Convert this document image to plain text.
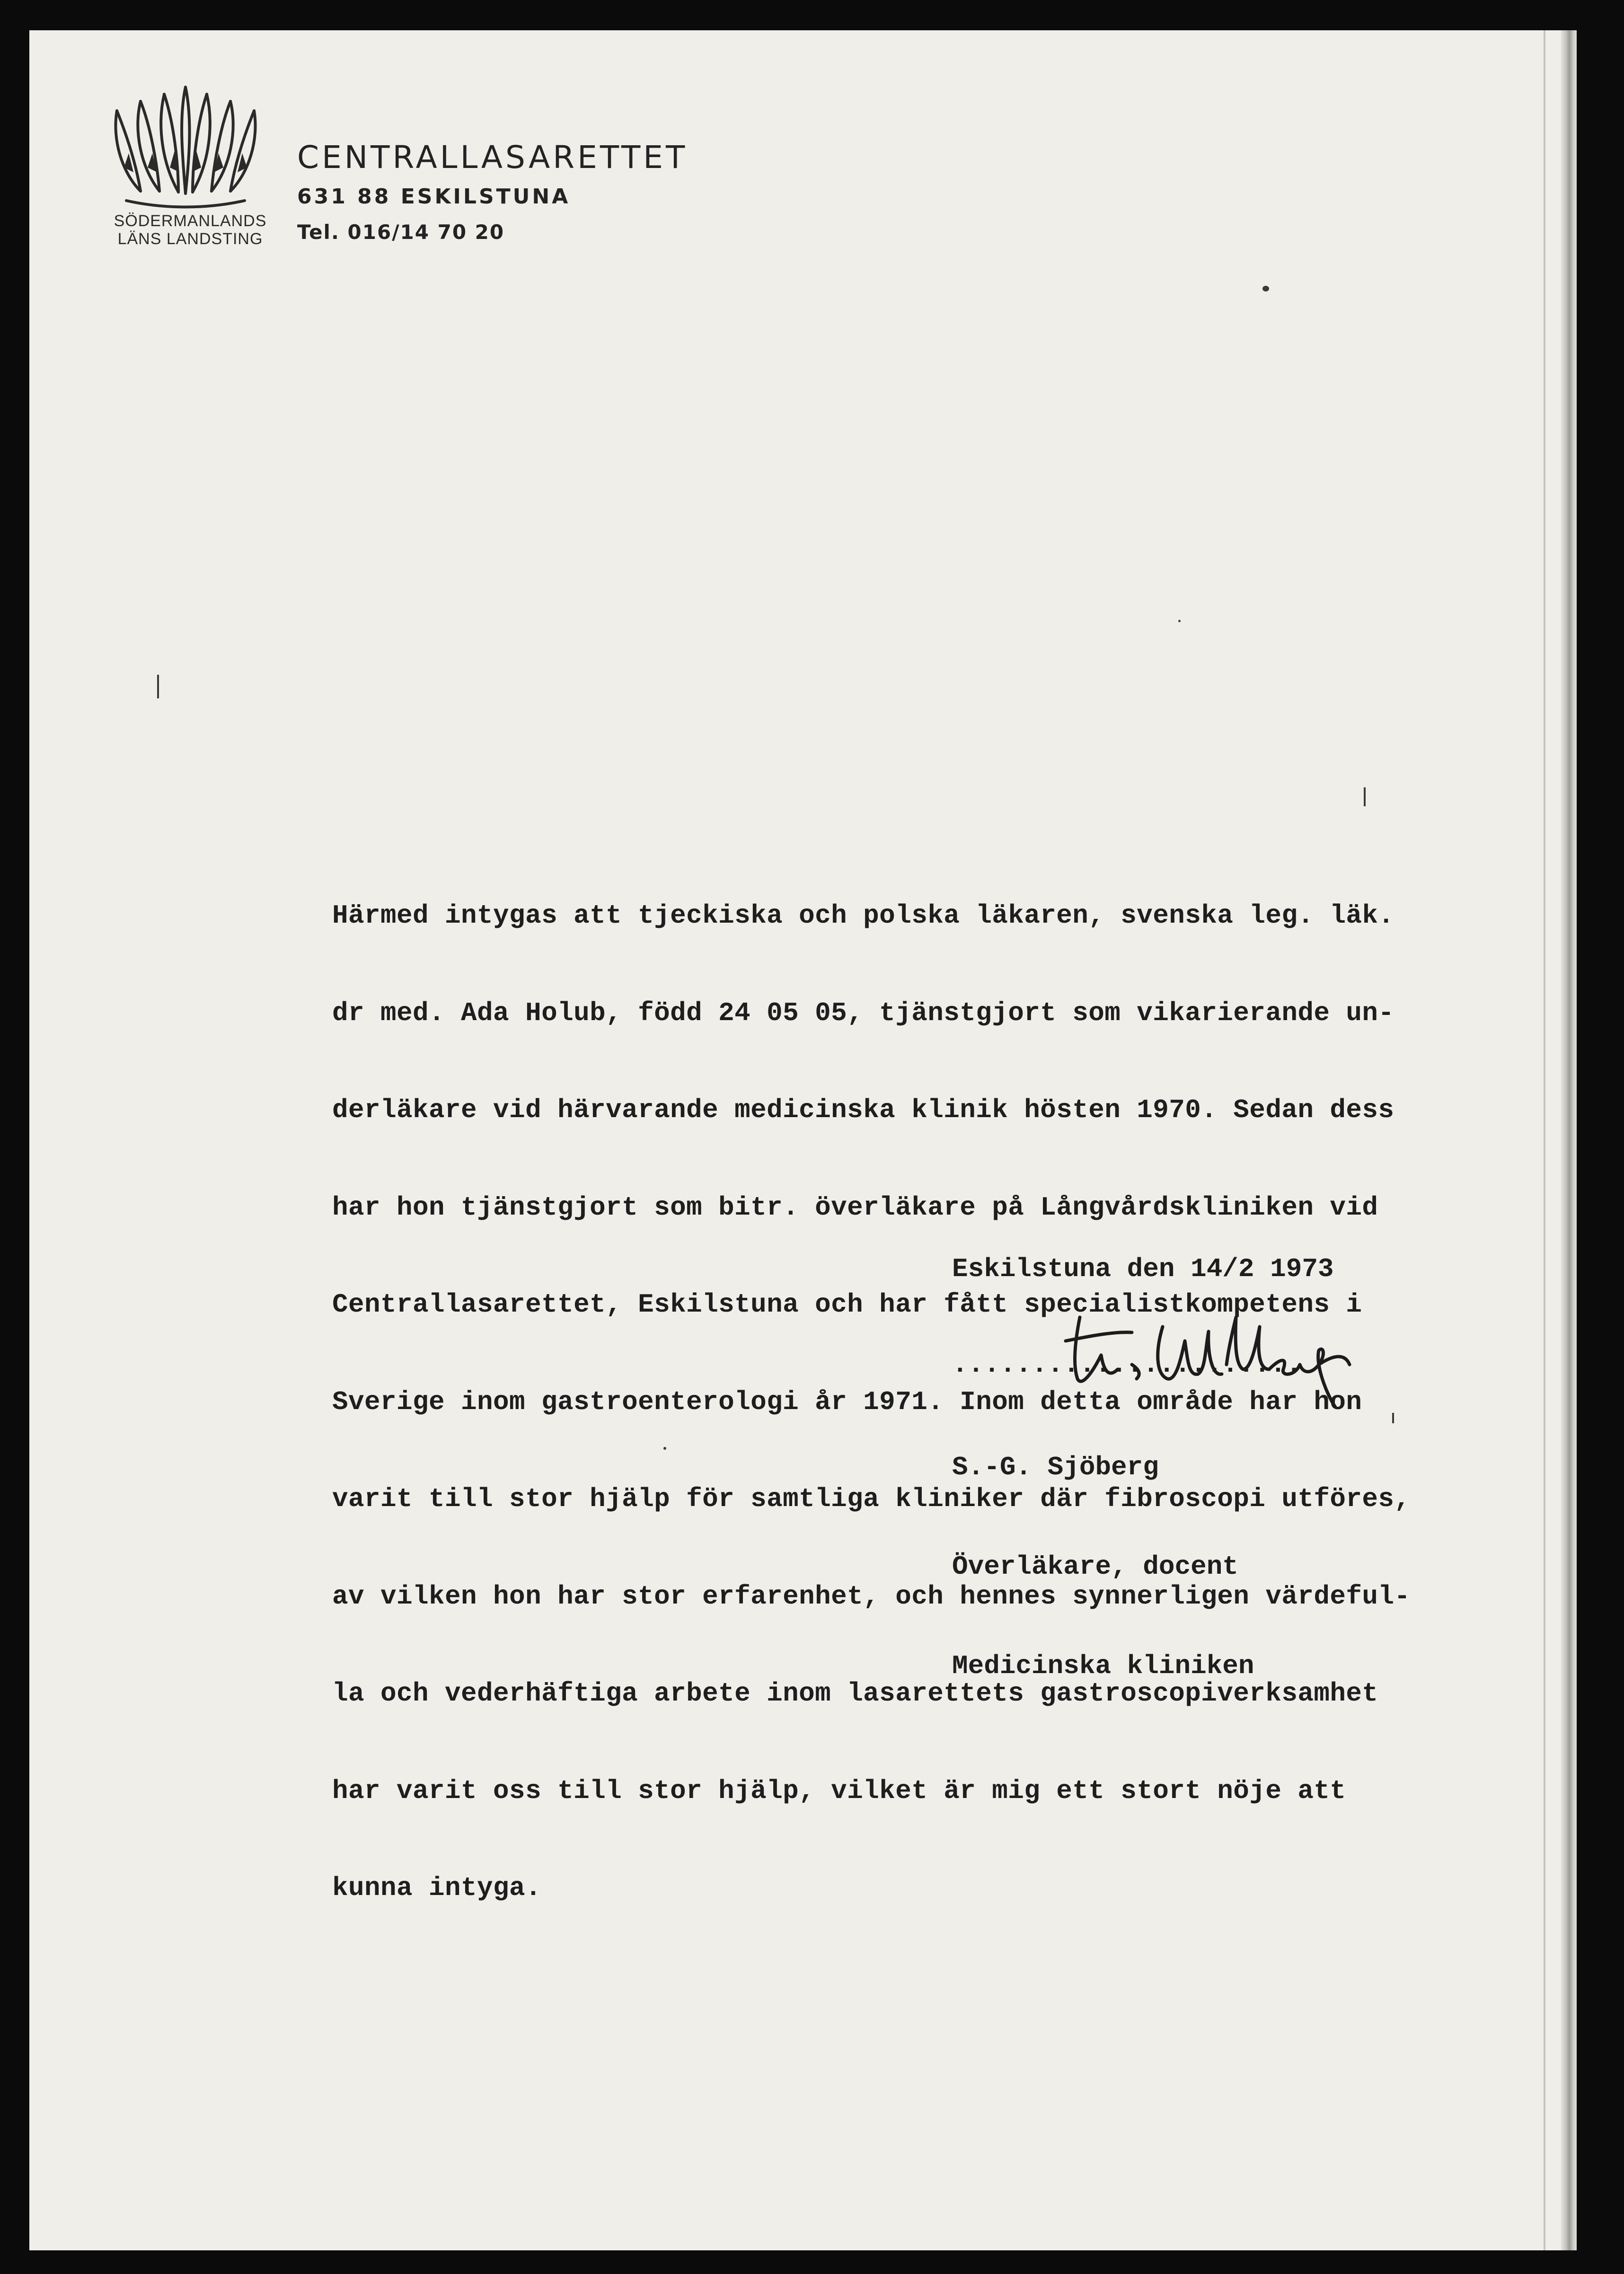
SÖDERMANLANDS
LÄNS LANDSTING
CENTRALLASARETTET
631 88 ESKILSTUNA
Tel. 016/14 70 20

Härmed intygas att tjeckiska och polska läkaren, svenska leg. läk.

dr med. Ada Holub, född 24 05 05, tjänstgjort som vikarierande un-

derläkare vid härvarande medicinska klinik hösten 1970. Sedan dess

har hon tjänstgjort som bitr. överläkare på Långvårdskliniken vid

Centrallasarettet, Eskilstuna och har fått specialistkompetens i

Sverige inom gastroenterologi år 1971. Inom detta område har hon

varit till stor hjälp för samtliga kliniker där fibroscopi utföres,

av vilken hon har stor erfarenhet, och hennes synnerligen värdeful-

la och vederhäftiga arbete inom lasarettets gastroscopiverksamhet

har varit oss till stor hjälp, vilket är mig ett stort nöje att

kunna intyga.

Eskilstuna den 14/2 1973
......................

S.-G. Sjöberg

Överläkare, docent

Medicinska kliniken
